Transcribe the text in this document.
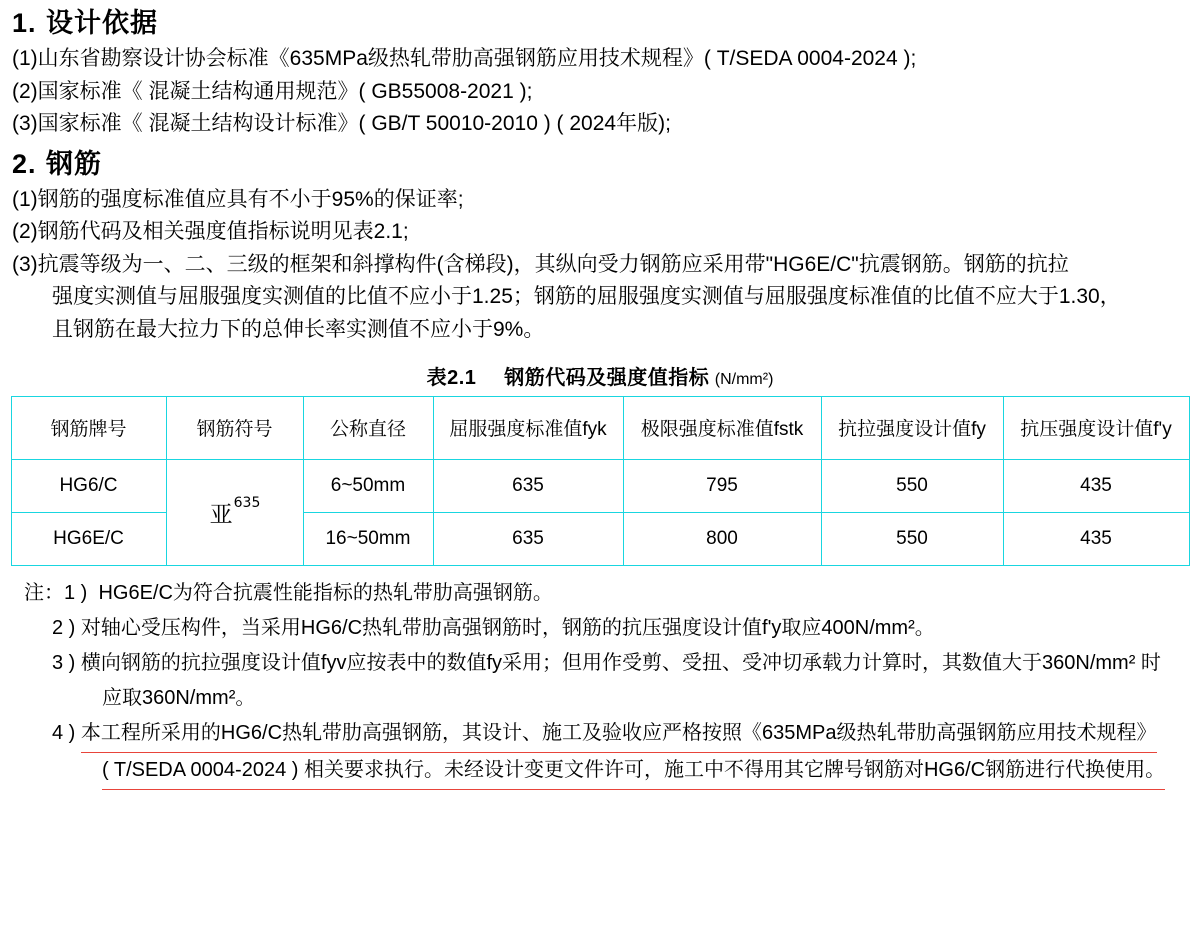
1. 设计依据
(1)山东省勘察设计协会标准《635MPa级热轧带肋高强钢筋应用技术规程》( T/SEDA 0004-2024 );
(2)国家标准《 混凝土结构通用规范》( GB55008-2021 );
(3)国家标准《 混凝土结构设计标准》( GB/T 50010-2010 ) ( 2024年版);
2. 钢筋
(1)钢筋的强度标准值应具有不小于95%的保证率;
(2)钢筋代码及相关强度值指标说明见表2.1;
(3)抗震等级为一、二、三级的框架和斜撑构件(含梯段)，其纵向受力钢筋应采用带"HG6E/C"抗震钢筋。钢筋的抗拉
强度实测值与屈服强度实测值的比值不应小于1.25；钢筋的屈服强度实测值与屈服强度标准值的比值不应大于1.30，
且钢筋在最大拉力下的总伸长率实测值不应小于9%。
表2.1 钢筋代码及强度值指标 (N/mm²)
钢筋牌号	钢筋符号	公称直径	屈服强度标准值fyk	极限强度标准值fstk	抗拉强度设计值fy	抗压强度设计值f'y
HG6/C	亚$^{635}$	6~50mm	635	795	550	435
HG6E/C		16~50mm	635	800	550	435
注：1 ) HG6E/C为符合抗震性能指标的热轧带肋高强钢筋。
2 ) 对轴心受压构件，当采用HG6/C热轧带肋高强钢筋时，钢筋的抗压强度设计值f'y取应400N/mm²。
3 ) 横向钢筋的抗拉强度设计值fyv应按表中的数值fy采用；但用作受剪、受扭、受冲切承载力计算时，其数值大于360N/mm² 时
应取360N/mm²。
4 ) 本工程所采用的HG6/C热轧带肋高强钢筋，其设计、施工及验收应严格按照《635MPa级热轧带肋高强钢筋应用技术规程》
( T/SEDA 0004-2024 ) 相关要求执行。未经设计变更文件许可，施工中不得用其它牌号钢筋对HG6/C钢筋进行代换使用。
